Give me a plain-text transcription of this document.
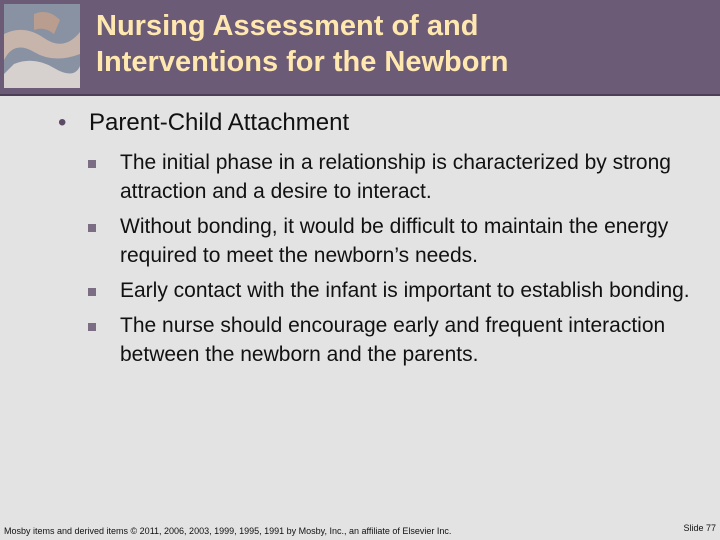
Nursing Assessment of and
Interventions for the Newborn
• Parent-Child Attachment
The initial phase in a relationship is characterized by strong attraction and a desire to interact.
Without bonding, it would be difficult to maintain the energy required to meet the newborn’s needs.
Early contact with the infant is important to establish bonding.
The nurse should encourage early and frequent interaction between the newborn and the parents.
Mosby items and derived items © 2011, 2006, 2003, 1999, 1995, 1991 by Mosby, Inc., an affiliate of Elsevier Inc.	Slide 77
